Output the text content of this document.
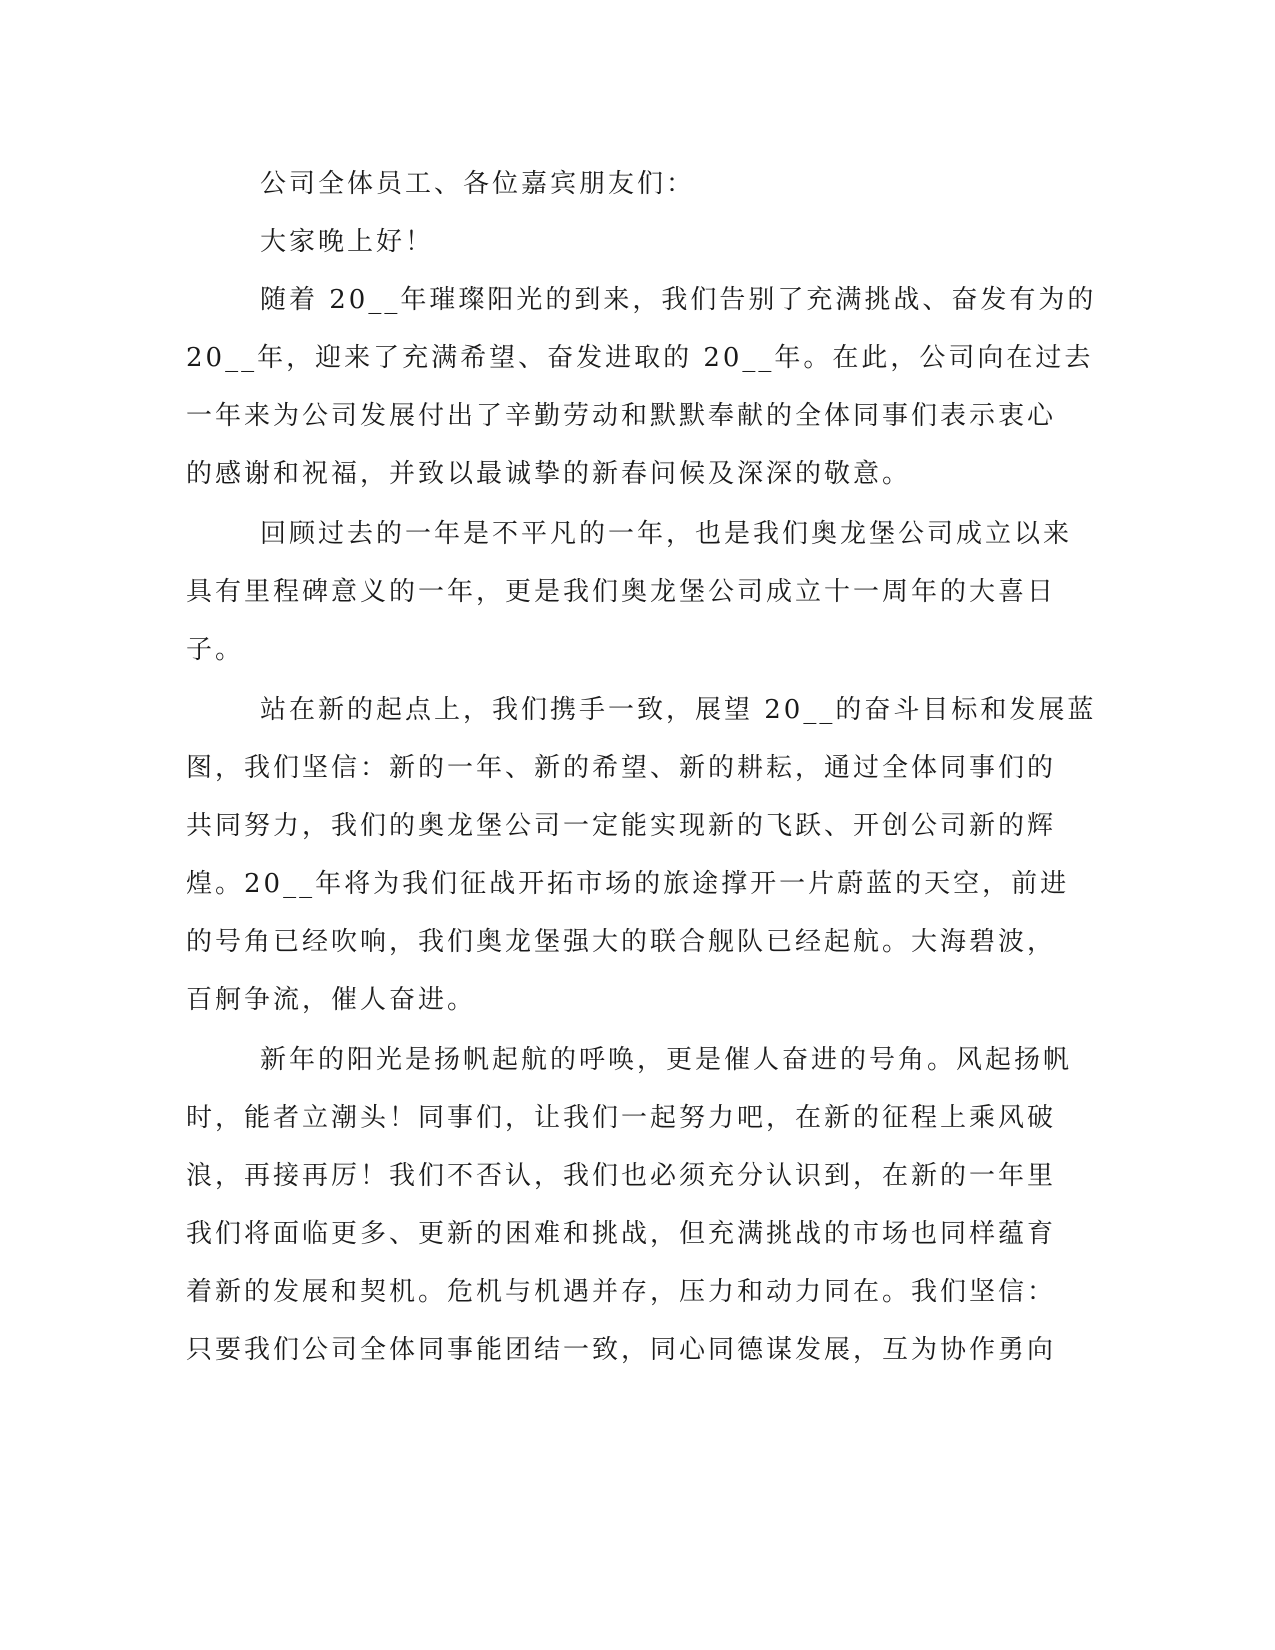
公司全体员工、各位嘉宾朋友们：

大家晚上好！

随着 20__年璀璨阳光的到来，我们告别了充满挑战、奋发有为的

20__年，迎来了充满希望、奋发进取的 20__年。在此，公司向在过去

一年来为公司发展付出了辛勤劳动和默默奉献的全体同事们表示衷心

的感谢和祝福，并致以最诚挚的新春问候及深深的敬意。

回顾过去的一年是不平凡的一年，也是我们奥龙堡公司成立以来

具有里程碑意义的一年，更是我们奥龙堡公司成立十一周年的大喜日

子。

站在新的起点上，我们携手一致，展望 20__的奋斗目标和发展蓝

图，我们坚信：新的一年、新的希望、新的耕耘，通过全体同事们的

共同努力，我们的奥龙堡公司一定能实现新的飞跃、开创公司新的辉

煌。20__年将为我们征战开拓市场的旅途撑开一片蔚蓝的天空，前进

的号角已经吹响，我们奥龙堡强大的联合舰队已经起航。大海碧波，

百舸争流，催人奋进。

新年的阳光是扬帆起航的呼唤，更是催人奋进的号角。风起扬帆

时，能者立潮头！同事们，让我们一起努力吧，在新的征程上乘风破

浪，再接再厉！我们不否认，我们也必须充分认识到，在新的一年里

我们将面临更多、更新的困难和挑战，但充满挑战的市场也同样蕴育

着新的发展和契机。危机与机遇并存，压力和动力同在。我们坚信：

只要我们公司全体同事能团结一致，同心同德谋发展，互为协作勇向
